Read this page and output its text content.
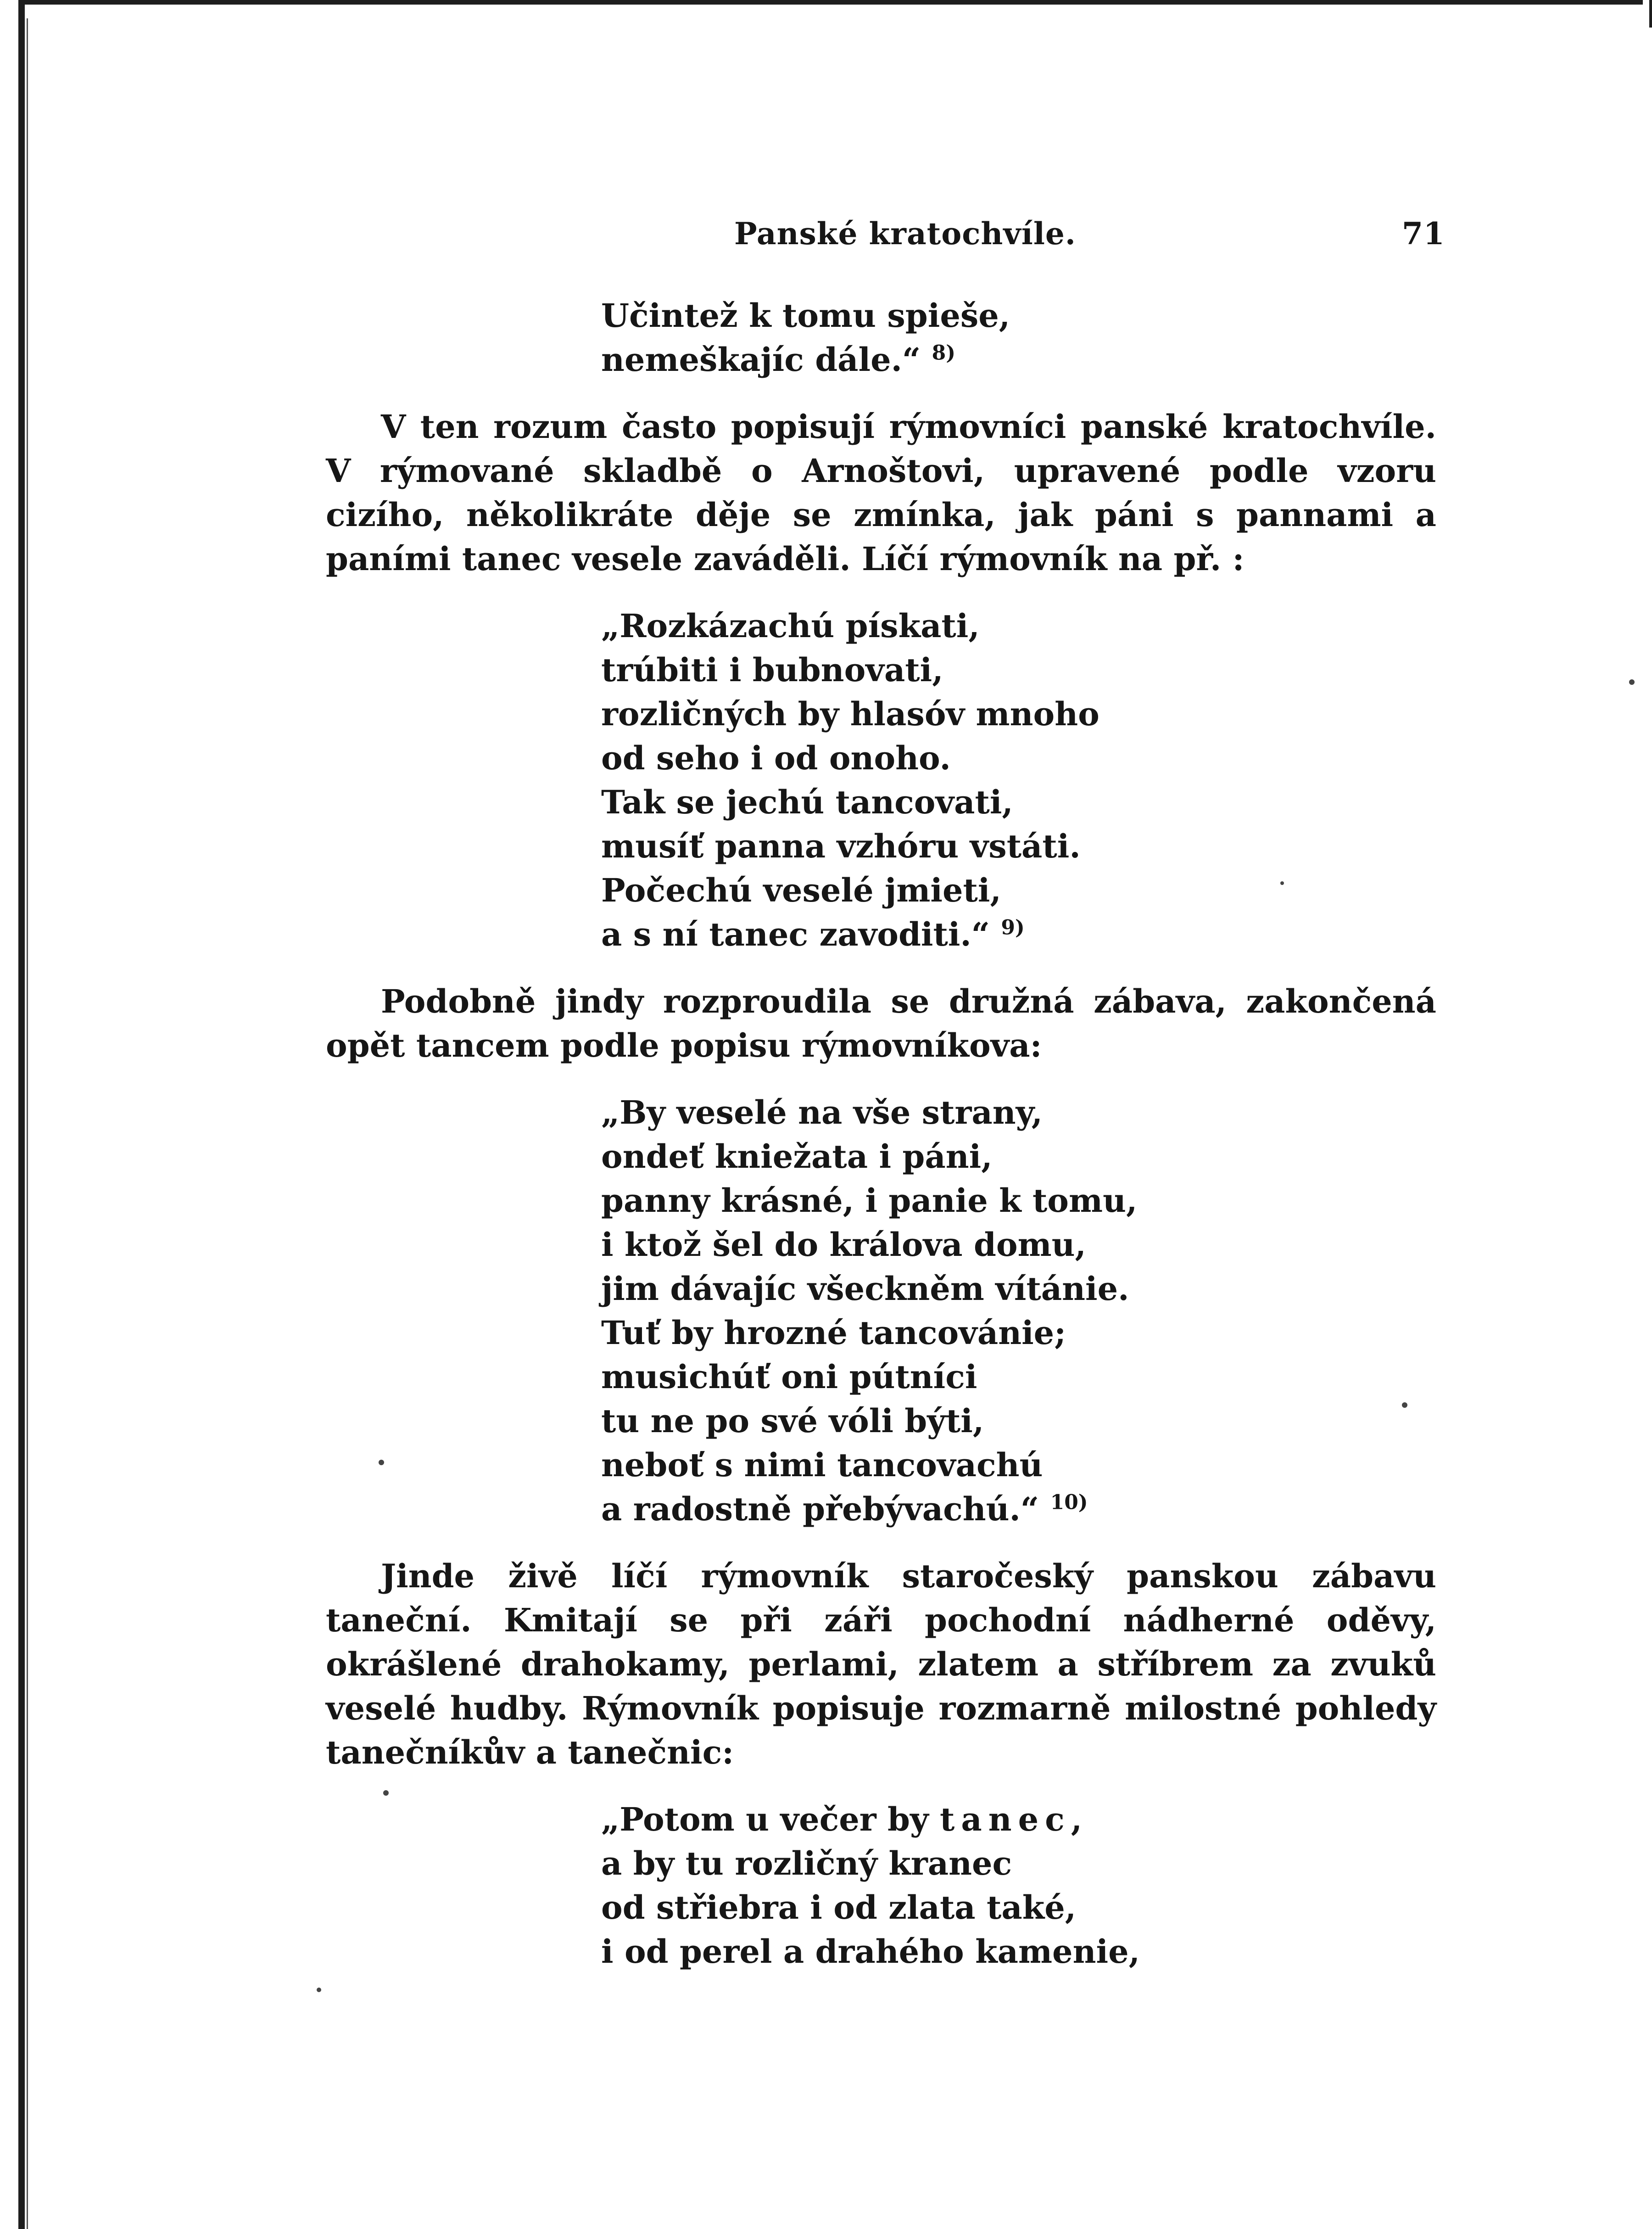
Panské kratochvíle.	71
Učintež k tomu spieše,
nemeškajíc dále.“ $^{8)}$
V ten rozum často popisují rýmovníci panské kratochvíle. V rýmované skladbě o Arnoštovi, upravené podle vzoru cizího, několikráte děje se zmínka, jak páni s pannami a paními tanec vesele zaváděli. Líčí rýmovník na př. :
„Rozkázachú pískati,
trúbiti i bubnovati,
rozličných by hlasóv mnoho
od seho i od onoho.
Tak se jechú tancovati,
musíť panna vzhóru vstáti.
Počechú veselé jmieti,
a s ní tanec zavoditi.“ $^{9)}$
Podobně jindy rozproudila se družná zábava, zakončená opět tancem podle popisu rýmovníkova:
„By veselé na vše strany,
ondeť kniežata i páni,
panny krásné, i panie k tomu,
i ktož šel do králova domu,
jim dávajíc všeckněm vítánie.
Tuť by hrozné tancovánie;
musichúť oni pútníci
tu ne po své vóli býti,
neboť s nimi tancovachú
a radostně přebývachú.“ $^{10)}$
Jinde živě líčí rýmovník staročeský panskou zábavu taneční. Kmitají se při záři pochodní nádherné oděvy, okrášlené drahokamy, perlami, zlatem a stříbrem za zvuků veselé hudby. Rýmovník popisuje rozmarně milostné pohledy tanečníkův a tanečnic:
„Potom u večer by tanec,
a by tu rozličný kranec
od střiebra i od zlata také,
i od perel a drahého kamenie,
